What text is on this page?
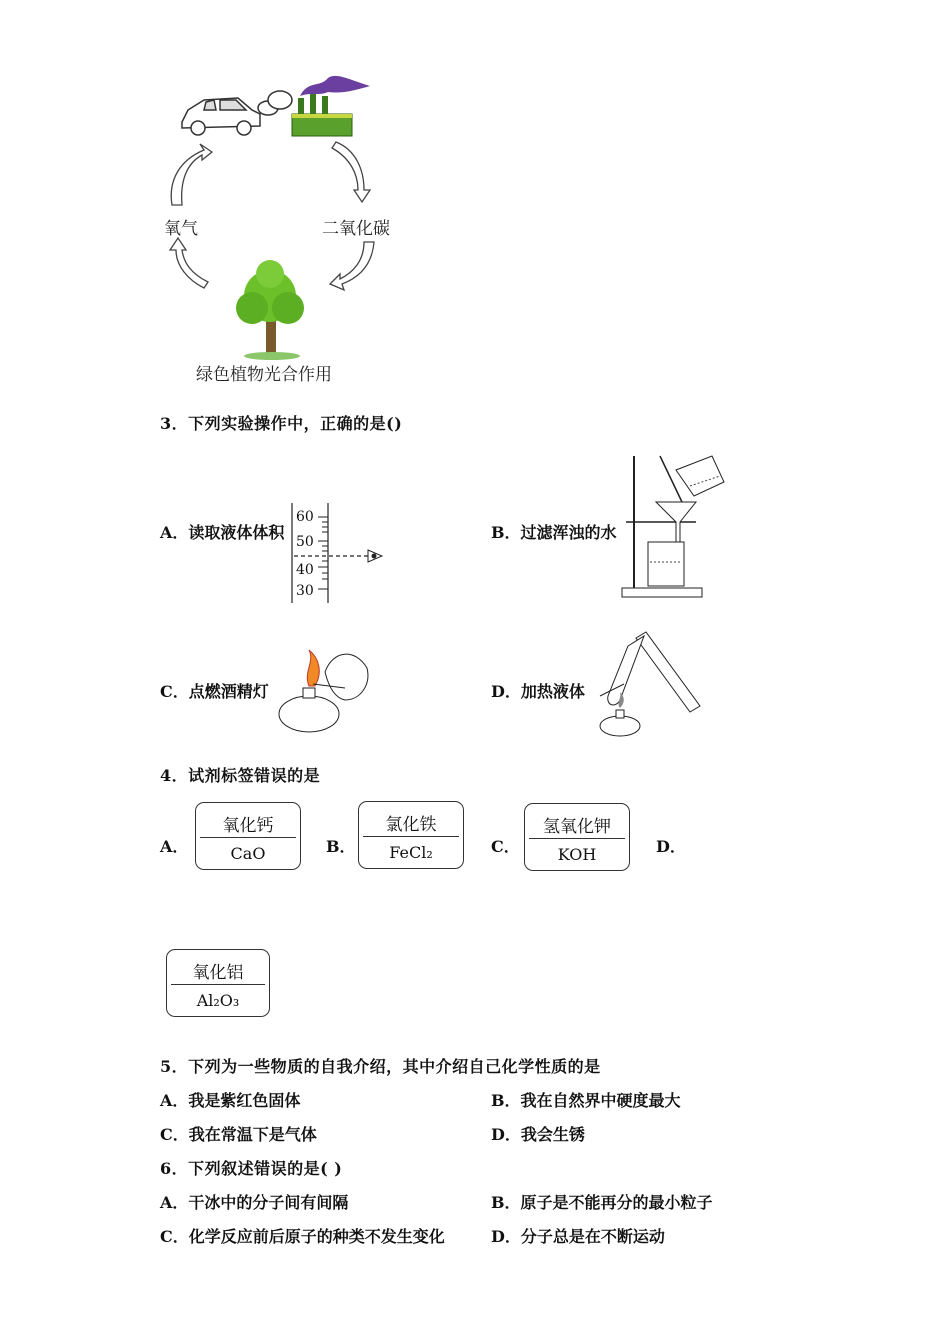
氧气	二氧化碳
绿色植物光合作用
3．下列实验操作中，正确的是()
A．读取液体体积
60
50
40
30
B．过滤浑浊的水
C．点燃酒精灯	D．加热液体
4．试剂标签错误的是
A．
氧化钙
CaO	B．
氯化铁
FeCl₂	C．
氢氧化钾
KOH	D．
氧化铝
Al₂O₃
5．下列为一些物质的自我介绍，其中介绍自己化学性质的是
A．我是紫红色固体	B．我在自然界中硬度最大
C．我在常温下是气体	D．我会生锈
6．下列叙述错误的是( )
A．干冰中的分子间有间隔	B．原子是不能再分的最小粒子
C．化学反应前后原子的种类不发生变化	D．分子总是在不断运动
